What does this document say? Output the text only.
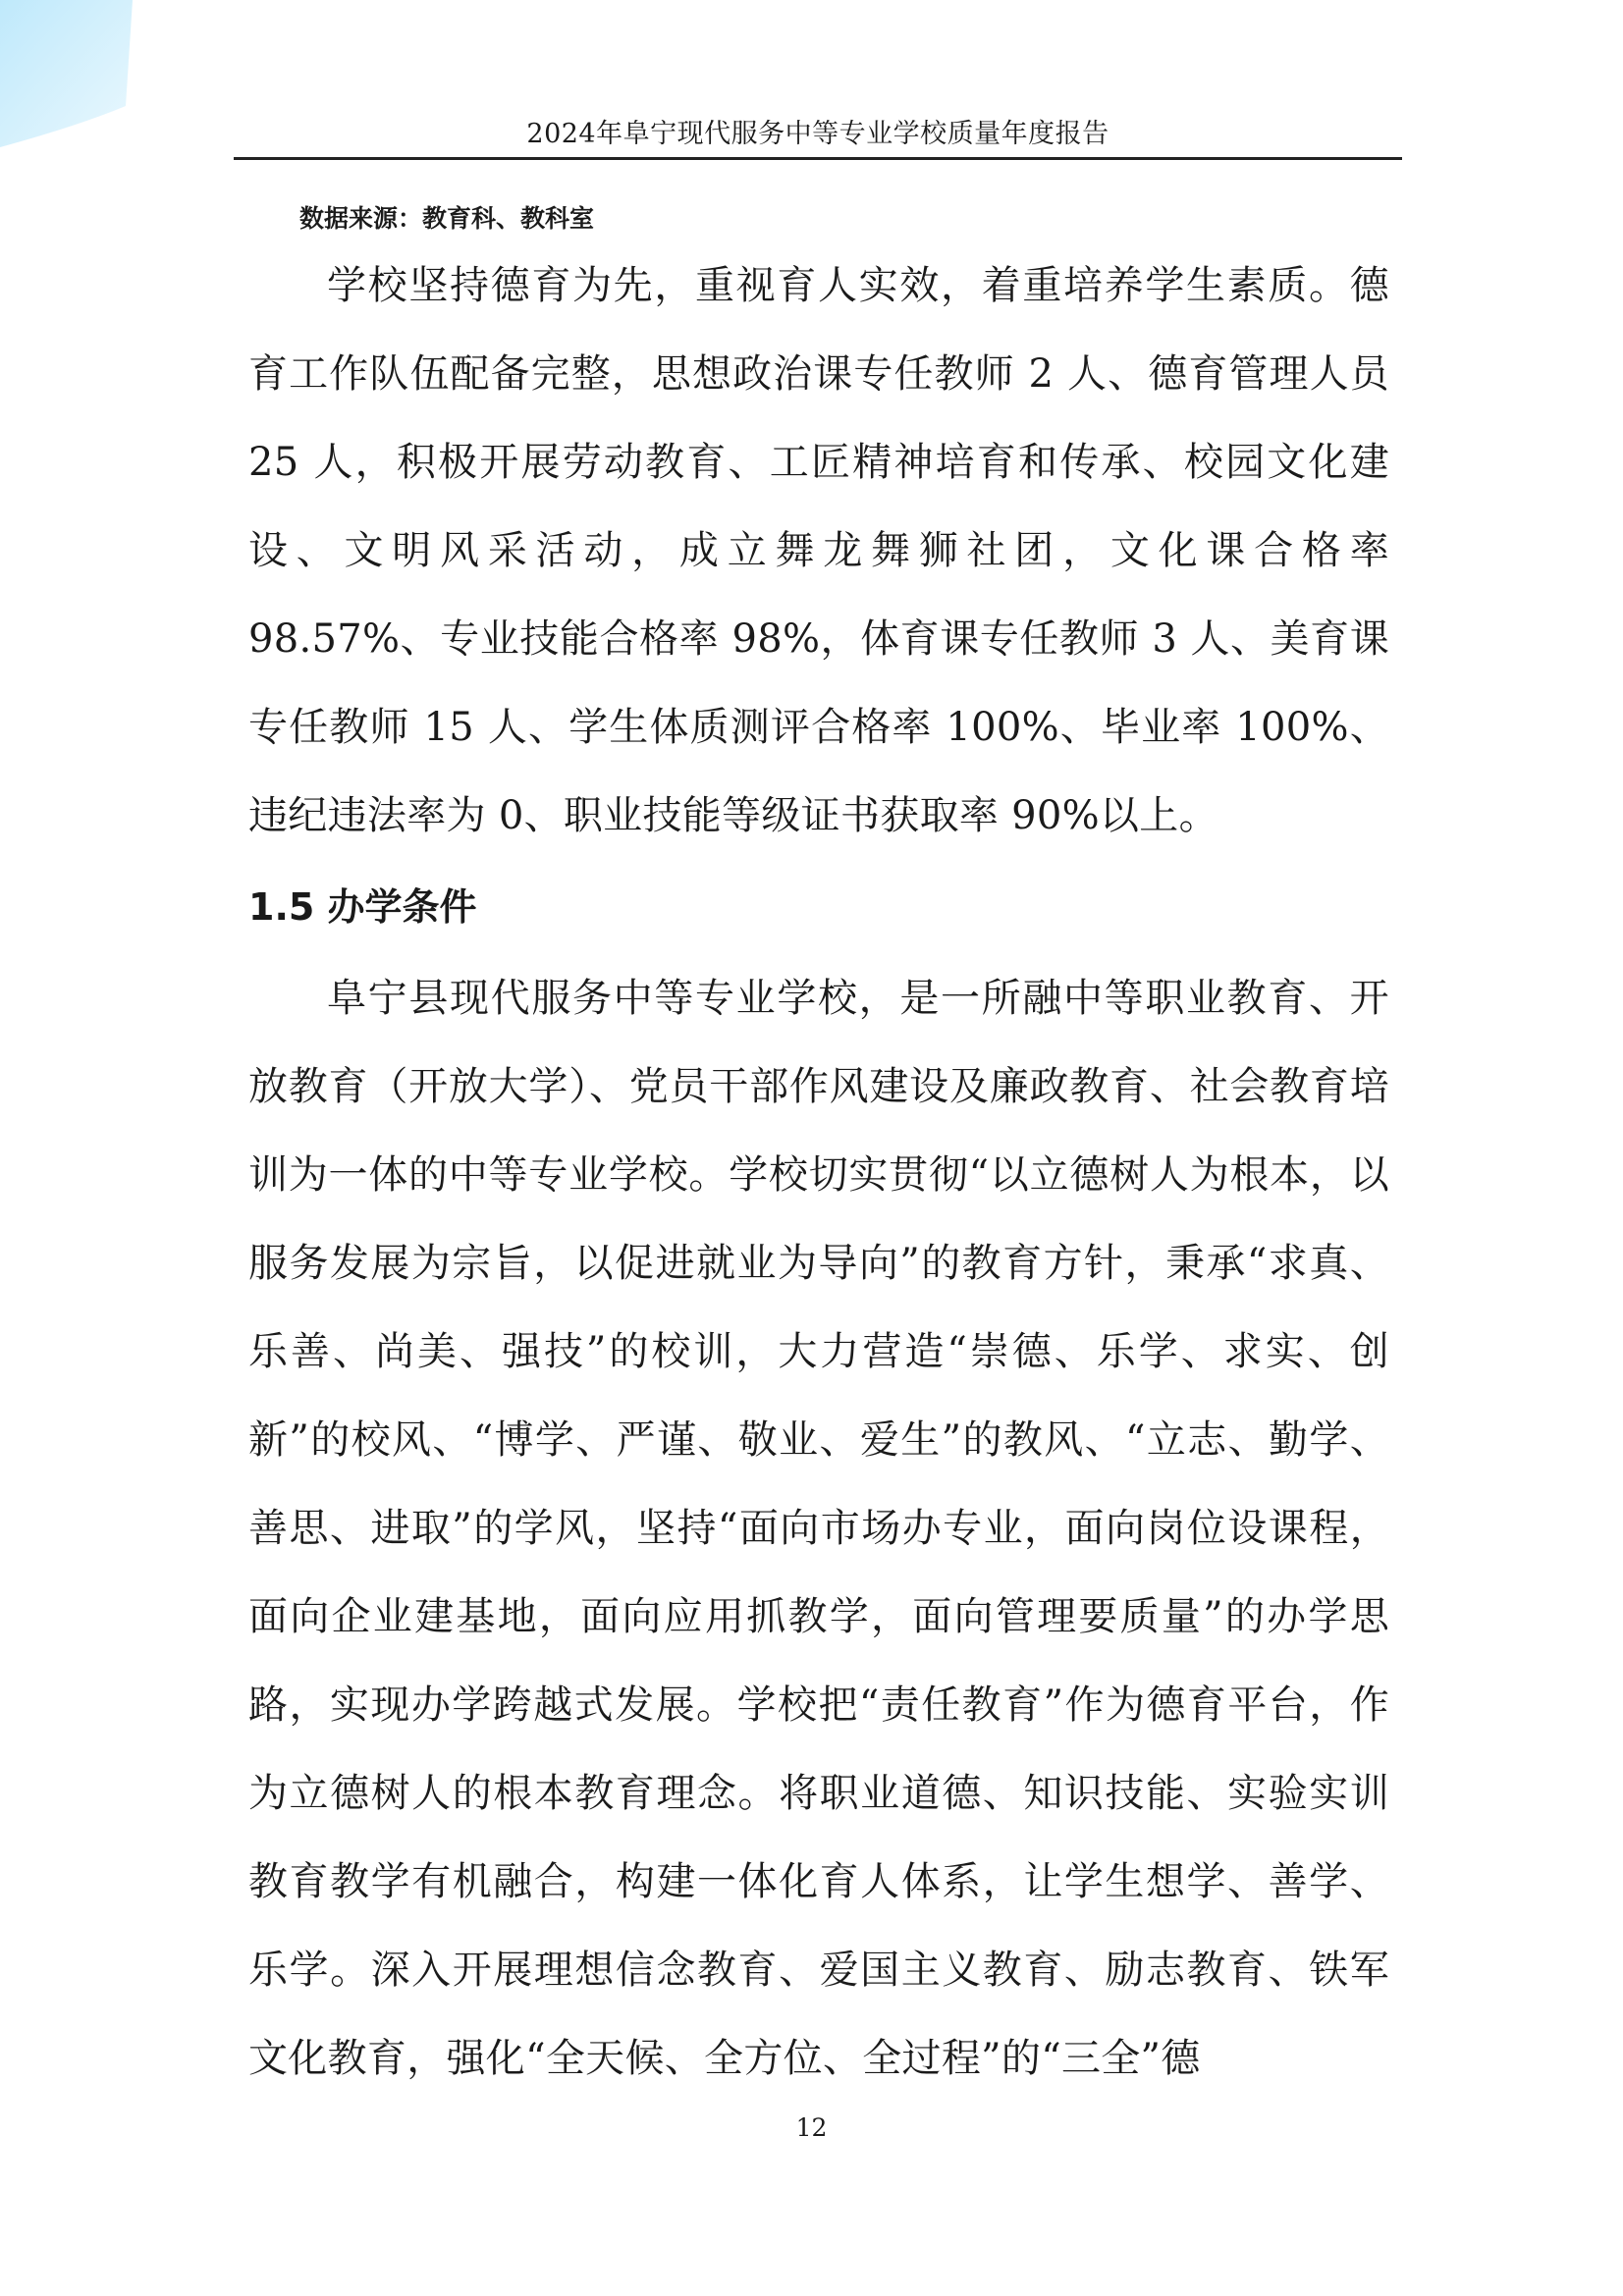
2024年阜宁现代服务中等专业学校质量年度报告
数据来源：教育科、教科室

学校坚持德育为先，重视育人实效，着重培养学生素质。德育工作队伍配备完整，思想政治课专任教师 2 人、德育管理人员 25 人，积极开展劳动教育、工匠精神培育和传承、校园文化建设、文明风采活动，成立舞龙舞狮社团，文化课合格率 98.57%、专业技能合格率 98%，体育课专任教师 3 人、美育课专任教师 15 人、学生体质测评合格率 100%、毕业率 100%、违纪违法率为 0、职业技能等级证书获取率 90%以上。

1.5 办学条件

阜宁县现代服务中等专业学校，是一所融中等职业教育、开放教育（开放大学）、党员干部作风建设及廉政教育、社会教育培训为一体的中等专业学校。学校切实贯彻“以立德树人为根本，以服务发展为宗旨，以促进就业为导向”的教育方针，秉承“求真、乐善、尚美、强技”的校训，大力营造“崇德、乐学、求实、创新”的校风、“博学、严谨、敬业、爱生”的教风、“立志、勤学、善思、进取”的学风，坚持“面向市场办专业，面向岗位设课程，面向企业建基地，面向应用抓教学，面向管理要质量”的办学思路，实现办学跨越式发展。学校把“责任教育”作为德育平台，作为立德树人的根本教育理念。将职业道德、知识技能、实验实训教育教学有机融合，构建一体化育人体系，让学生想学、善学、乐学。深入开展理想信念教育、爱国主义教育、励志教育、铁军文化教育，强化“全天候、全方位、全过程”的“三全”德

12
